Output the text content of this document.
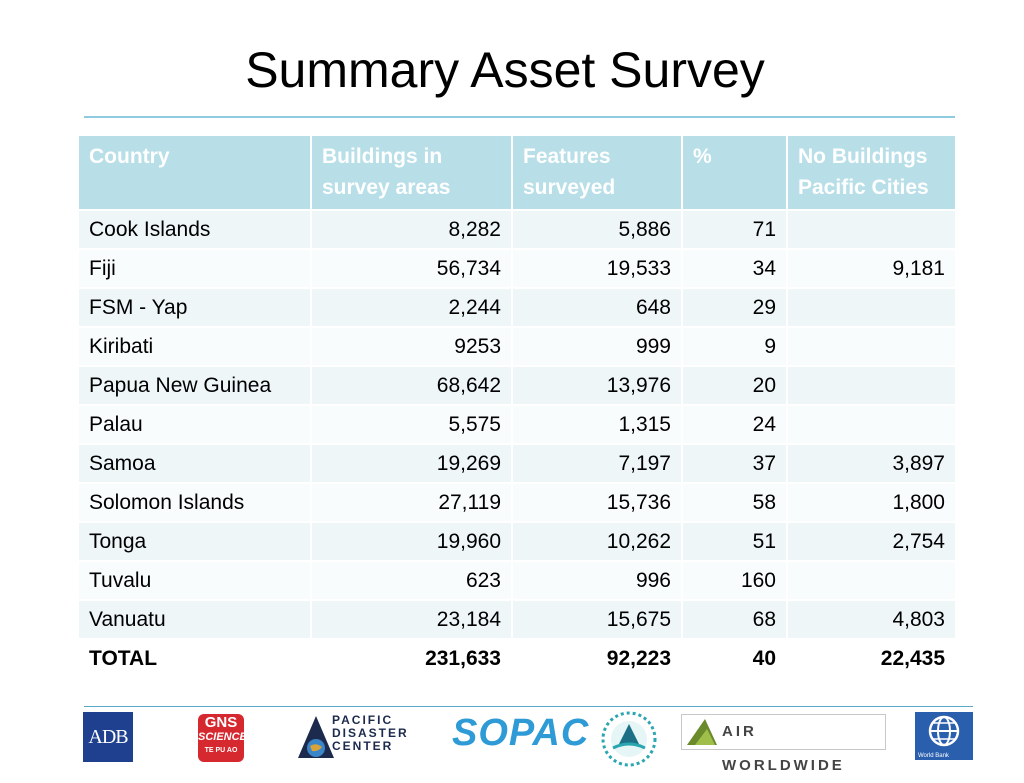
Summary Asset Survey
Country	Buildings in survey areas	Features surveyed	%	No Buildings Pacific Cities
Cook Islands	8,282	5,886	71	
Fiji	56,734	19,533	34	9,181
FSM - Yap	2,244	648	29	
Kiribati	9253	999	9	
Papua New Guinea	68,642	13,976	20	
Palau	5,575	1,315	24	
Samoa	19,269	7,197	37	3,897
Solomon Islands	27,119	15,736	58	1,800
Tonga	19,960	10,262	51	2,754
Tuvalu	623	996	160	
Vanuatu	23,184	15,675	68	4,803
TOTAL	231,633	92,223	40	22,435
ADB
GNS
SCIENCE
TE PU AO
PACIFIC
DISASTER
CENTER	SOPAC	AIR WORLDWIDE
World Bank
